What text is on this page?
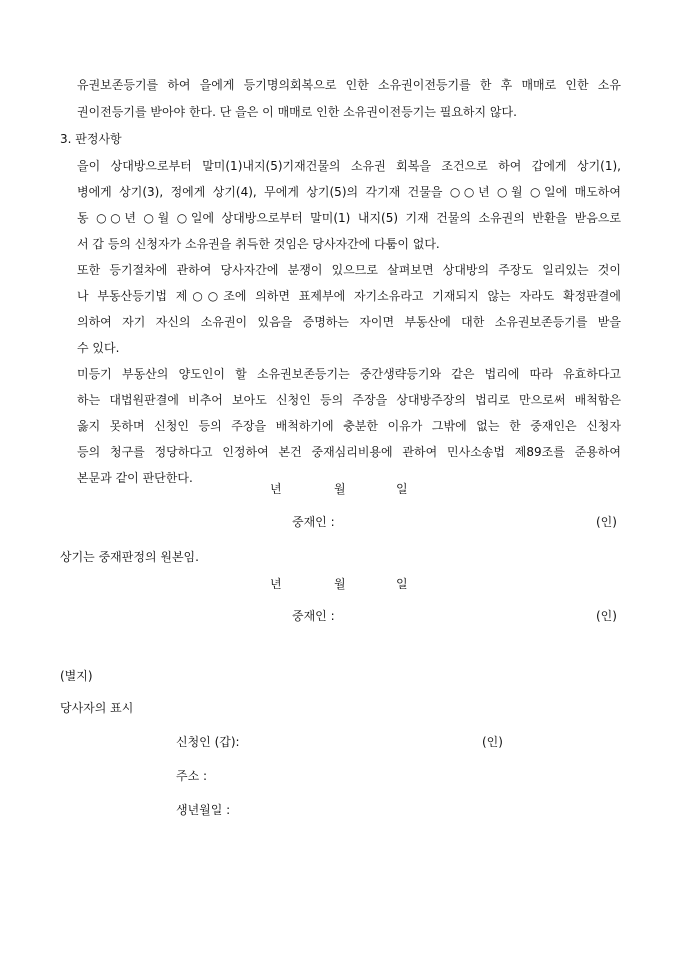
유권보존등기를 하여 을에게 등기명의회복으로 인한 소유권이전등기를 한 후 매매로 인한 소유
권이전등기를 받아야 한다. 단 을은 이 매매로 인한 소유권이전등기는 필요하지 않다.
3. 판정사항
을이 상대방으로부터 말미(1)내지(5)기재건물의 소유권 회복을 조건으로 하여 갑에게 상기(1),
병에게 상기(3), 정에게 상기(4), 무에게 상기(5)의 각기재 건물을 ○○년 ○월 ○일에 매도하여
동 ○○년 ○월 ○일에 상대방으로부터 말미(1) 내지(5) 기재 건물의 소유권의 반환을 받음으로
서 갑 등의 신청자가 소유권을 취득한 것임은 당사자간에 다툼이 없다.
또한 등기절차에 관하여 당사자간에 분쟁이 있으므로 살펴보면 상대방의 주장도 일리있는 것이
나 부동산등기법 제○○조에 의하면 표제부에 자기소유라고 기재되지 않는 자라도 확정판결에
의하여 자기 자신의 소유권이 있음을 증명하는 자이면 부동산에 대한 소유권보존등기를 받을
수 있다.
미등기 부동산의 양도인이 할 소유권보존등기는 중간생략등기와 같은 법리에 따라 유효하다고
하는 대법원판결에 비추어 보아도 신청인 등의 주장을 상대방주장의 법리로 만으로써 배척함은
옳지 못하며 신청인 등의 주장을 배척하기에 충분한 이유가 그밖에 없는 한 중재인은 신청자
등의 청구를 정당하다고 인정하여 본건 중재심리비용에 관하여 민사소송법 제89조를 준용하여
본문과 같이 판단한다.
년	월	일
중재인 :	(인)
상기는 중재판정의 원본임.
년	월	일
중재인 :	(인)
(별지)
당사자의 표시
신청인 (갑):	(인)
주소 :
생년월일 :
